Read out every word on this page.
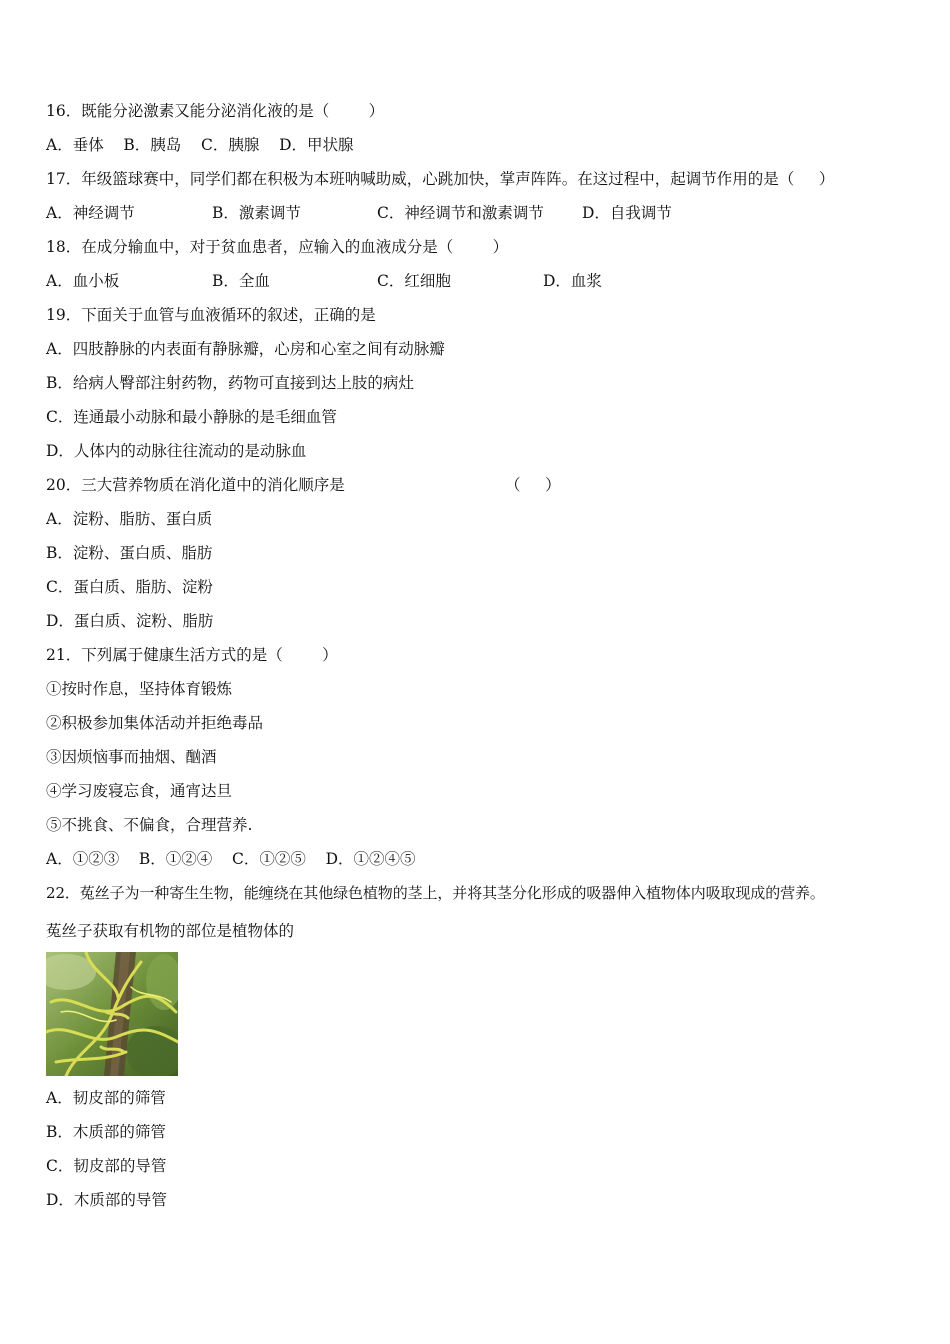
16．既能分泌激素又能分泌消化液的是（        ）
A．垂体    B．胰岛    C．胰腺    D．甲状腺
17．年级篮球赛中，同学们都在积极为本班呐喊助威，心跳加快，掌声阵阵。在这过程中，起调节作用的是（     ）

A．神经调节

	B．激素调节

	C．神经调节和激素调节

D．自我调节

18．在成分输血中，对于贫血患者，应输入的血液成分是（        ）

A．血小板

	B．全血

	C．红细胞

	D．血浆

19．下面关于血管与血液循环的叙述，正确的是
A．四肢静脉的内表面有静脉瓣，心房和心室之间有动脉瓣
B．给病人臀部注射药物，药物可直接到达上肢的病灶
C．连通最小动脉和最小静脉的是毛细血管
D．人体内的动脉往往流动的是动脉血
20．三大营养物质在消化道中的消化顺序是	（     ）
A．淀粉、脂肪、蛋白质
B．淀粉、蛋白质、脂肪
C．蛋白质、脂肪、淀粉
D．蛋白质、淀粉、脂肪
21．下列属于健康生活方式的是（        ）
①按时作息，坚持体育锻炼
②积极参加集体活动并拒绝毒品
③因烦恼事而抽烟、酗酒
④学习废寝忘食，通宵达旦
⑤不挑食、不偏食，合理营养.
A．①②③    B．①②④    C．①②⑤    D．①②④⑤
22．菟丝子为一种寄生生物，能缠绕在其他绿色植物的茎上，并将其茎分化形成的吸器伸入植物体内吸取现成的营养。
菟丝子获取有机物的部位是植物体的
A．韧皮部的筛管
B．木质部的筛管
C．韧皮部的导管
D．木质部的导管
